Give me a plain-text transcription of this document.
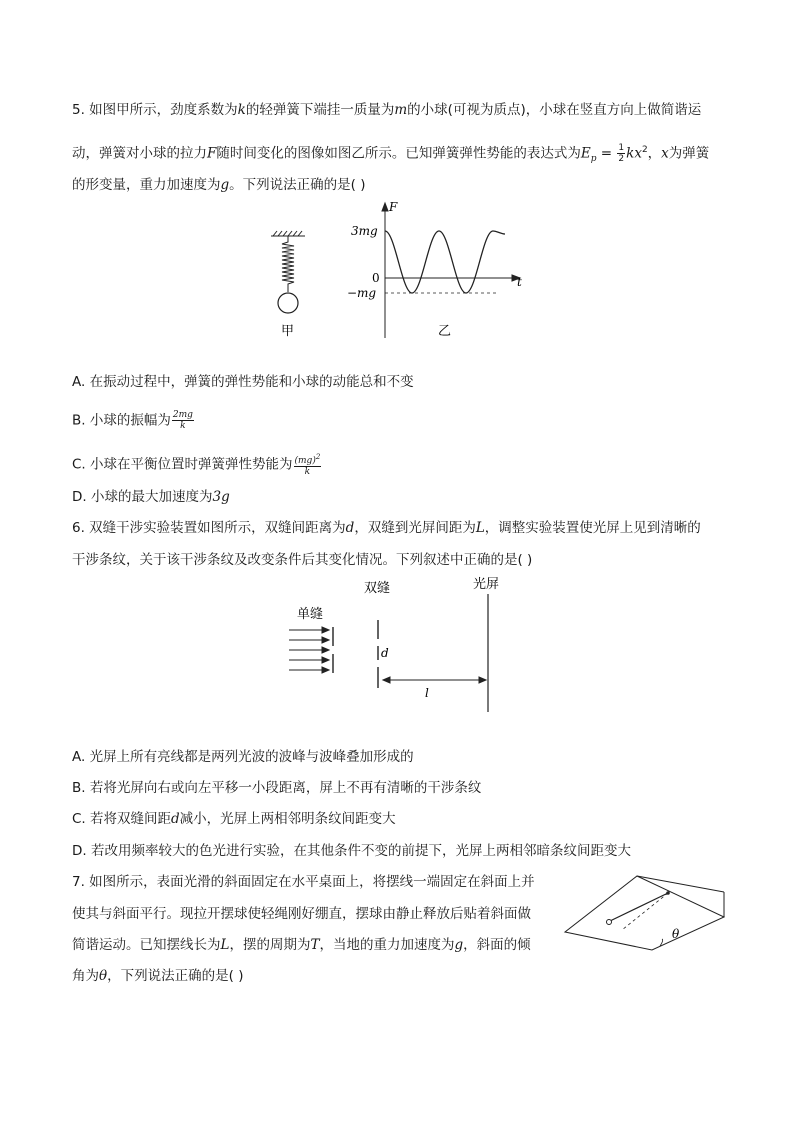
5. 如图甲所示，劲度系数为k的轻弹簧下端挂一质量为m的小球(可视为质点)，小球在竖直方向上做简谐运
动，弹簧对小球的拉力F随时间变化的图像如图乙所示。已知弹簧弹性势能的表达式为$E_p = \frac{1}{2} kx^2$，x为弹簧
的形变量，重力加速度为g。下列说法正确的是( )
甲
F
t
3mg
0
−mg
乙
A. 在振动过程中，弹簧的弹性势能和小球的动能总和不变
B. 小球的振幅为 $\frac{2mg}{k}$
C. 小球在平衡位置时弹簧弹性势能为 $\frac{(mg)^2}{k}$
D. 小球的最大加速度为3g
6. 双缝干涉实验装置如图所示，双缝间距离为d，双缝到光屏间距为L，调整实验装置使光屏上见到清晰的
干涉条纹，关于该干涉条纹及改变条件后其变化情况。下列叙述中正确的是( )
双缝	光屏
单缝
d
l
A. 光屏上所有亮线都是两列光波的波峰与波峰叠加形成的
B. 若将光屏向右或向左平移一小段距离，屏上不再有清晰的干涉条纹
C. 若将双缝间距d减小，光屏上两相邻明条纹间距变大
D. 若改用频率较大的色光进行实验，在其他条件不变的前提下，光屏上两相邻暗条纹间距变大
7. 如图所示，表面光滑的斜面固定在水平桌面上，将摆线一端固定在斜面上并
使其与斜面平行。现拉开摆球使轻绳刚好绷直，摆球由静止释放后贴着斜面做
简谐运动。已知摆线长为L，摆的周期为T，当地的重力加速度为g，斜面的倾
角为θ，下列说法正确的是( )
θ
